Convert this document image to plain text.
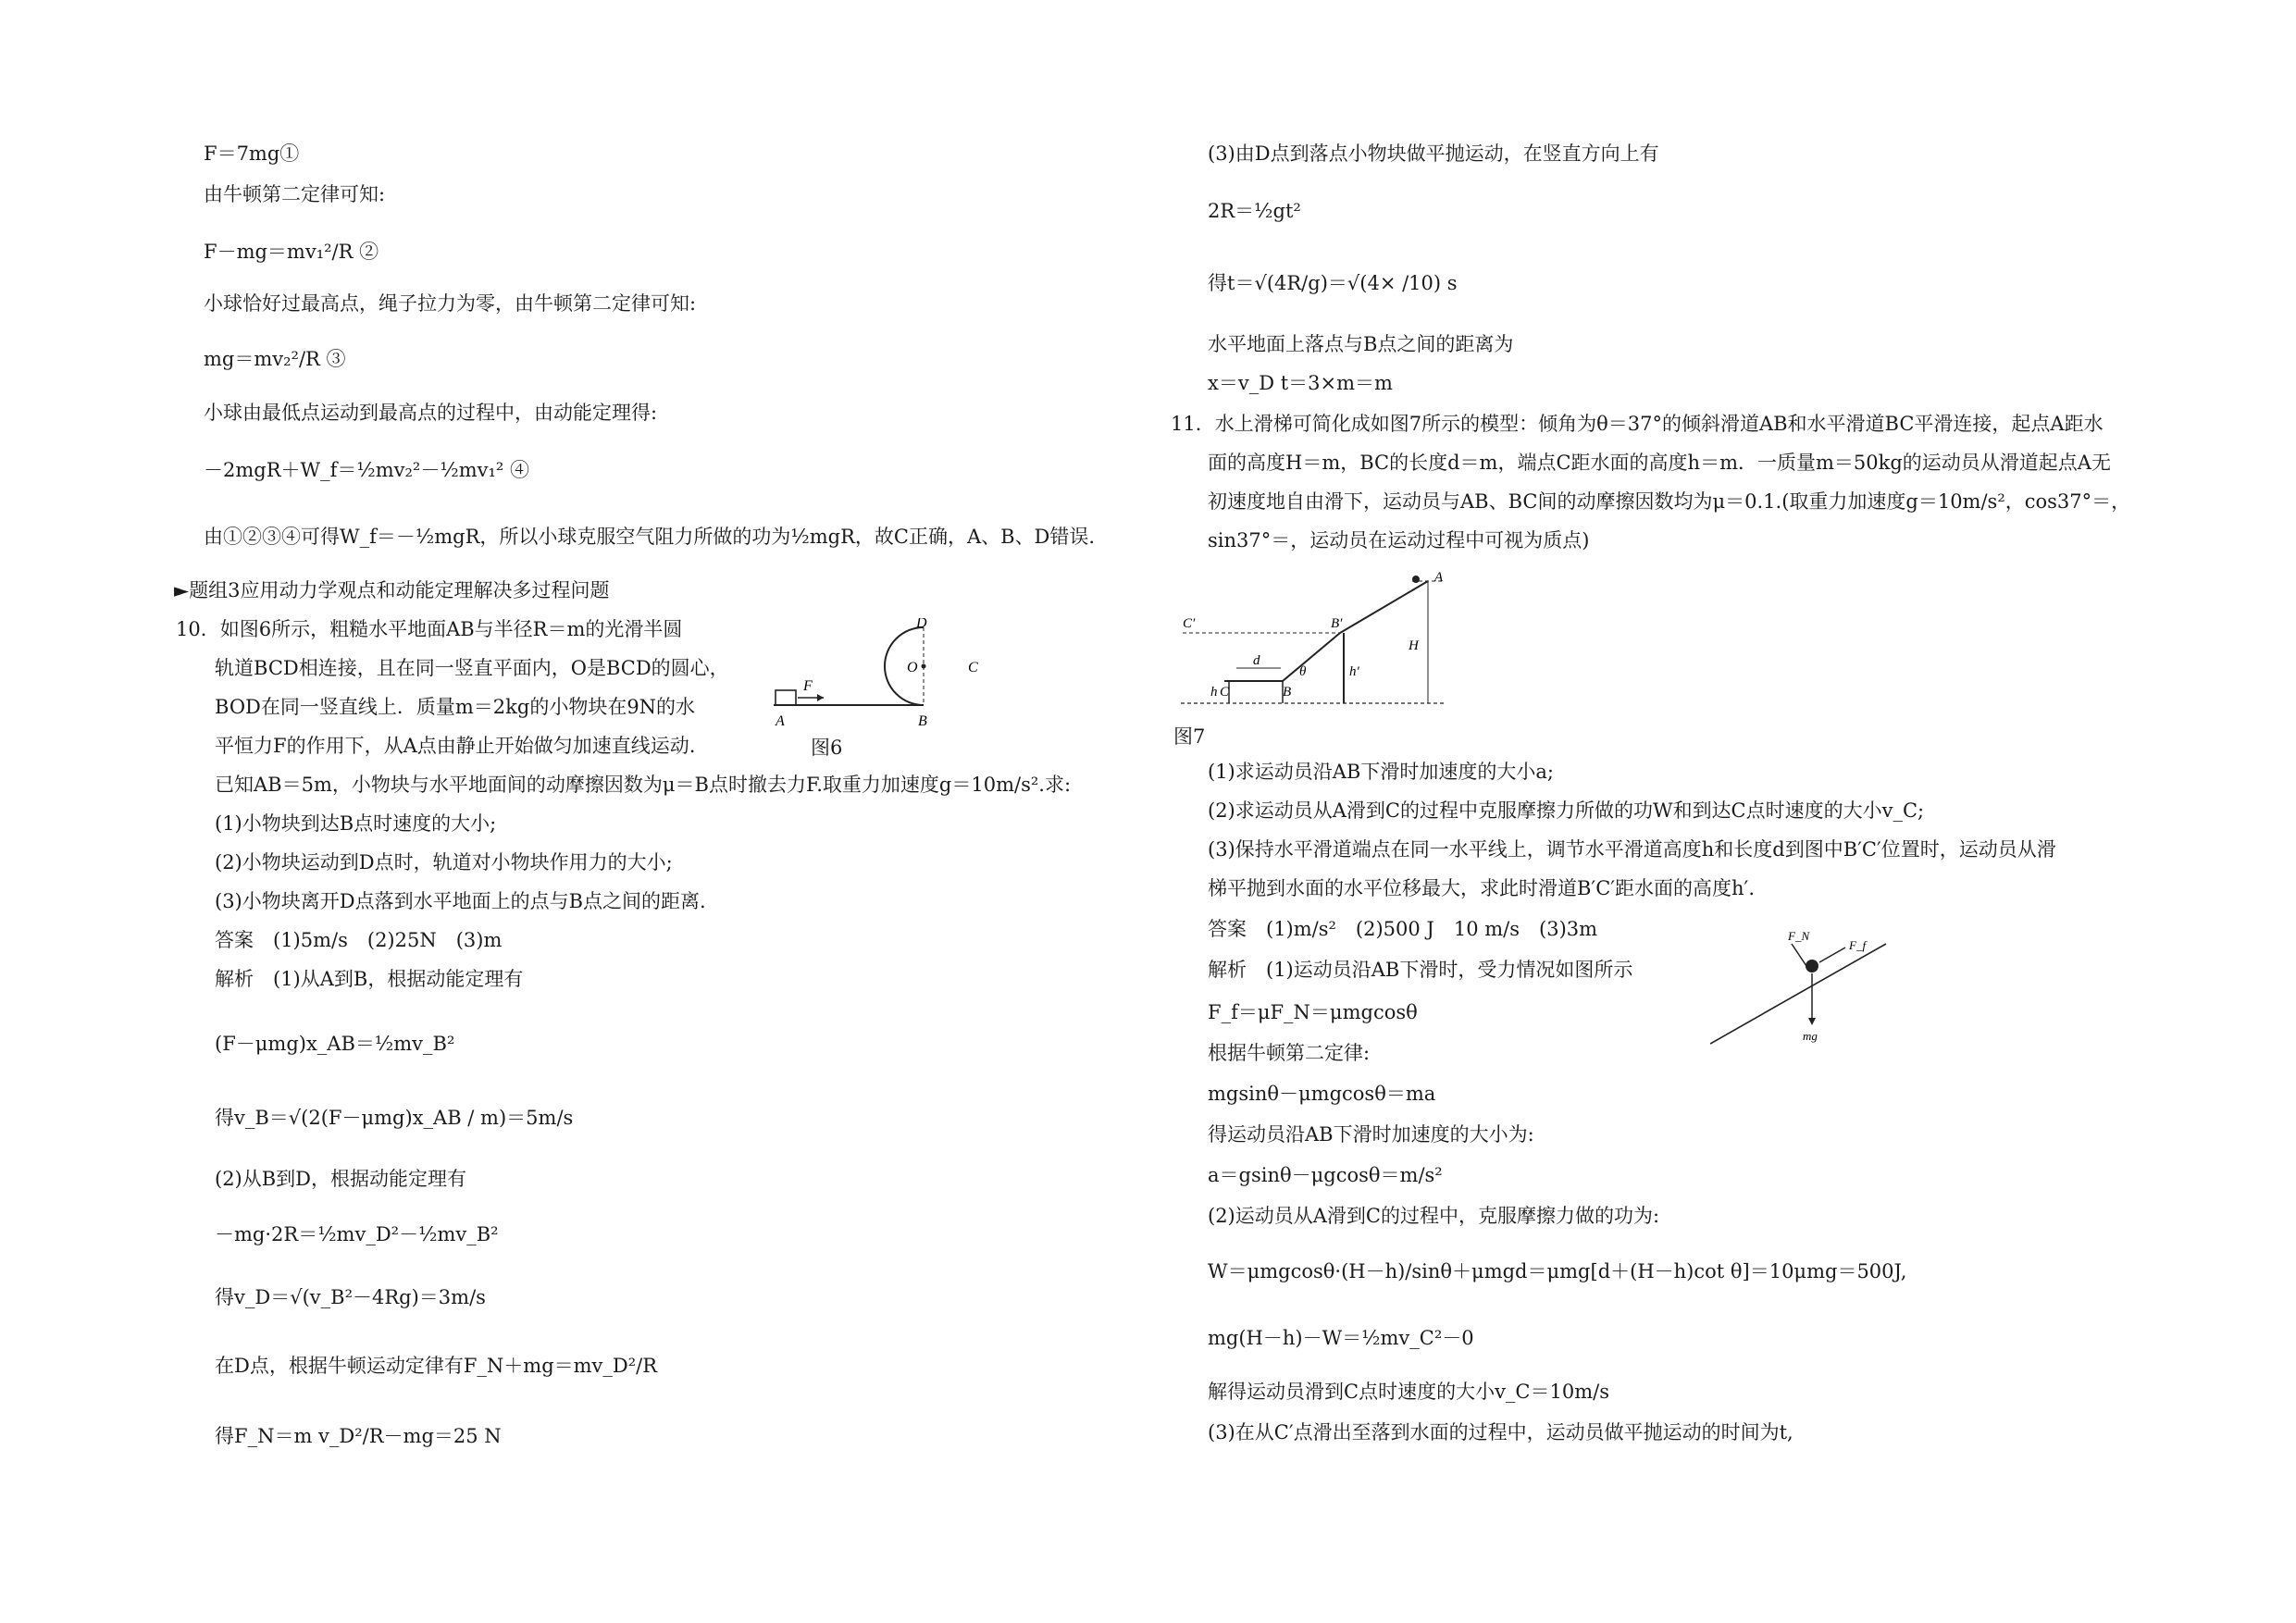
F＝7mg①
由牛顿第二定律可知:
F－mg＝mv₁²/R ②
小球恰好过最高点，绳子拉力为零，由牛顿第二定律可知:
mg＝mv₂²/R ③
小球由最低点运动到最高点的过程中，由动能定理得:
－2mgR＋W_f＝½mv₂²－½mv₁² ④
由①②③④可得W_f＝－½mgR，所以小球克服空气阻力所做的功为½mgR，故C正确，A、B、D错误.
►题组3应用动力学观点和动能定理解决多过程问题
10．如图6所示，粗糙水平地面AB与半径R＝m的光滑半圆
轨道BCD相连接，且在同一竖直平面内，O是BCD的圆心，
BOD在同一竖直线上．质量m＝2kg的小物块在9N的水
平恒力F的作用下，从A点由静止开始做匀加速直线运动.
已知AB＝5m，小物块与水平地面间的动摩擦因数为μ＝B点时撤去力F.取重力加速度g＝10m/s².求:
(1)小物块到达B点时速度的大小;
(2)小物块运动到D点时，轨道对小物块作用力的大小;
(3)小物块离开D点落到水平地面上的点与B点之间的距离.
答案　(1)5m/s　(2)25N　(3)m
解析　(1)从A到B，根据动能定理有
(F－μmg)x_AB＝½mv_B²
得v_B＝√(2(F－μmg)x_AB / m)＝5m/s
(2)从B到D，根据动能定理有
－mg·2R＝½mv_D²－½mv_B²
得v_D＝√(v_B²－4Rg)＝3m/s
在D点，根据牛顿运动定律有F_N＋mg＝mv_D²/R
得F_N＝m v_D²/R－mg＝25 N
A
F
B
C
D
O
图6
(3)由D点到落点小物块做平抛运动，在竖直方向上有
2R＝½gt²
得t＝√(4R/g)＝√(4× /10) s
水平地面上落点与B点之间的距离为
x＝v_D t＝3×m＝m
11．水上滑梯可简化成如图7所示的模型：倾角为θ＝37°的倾斜滑道AB和水平滑道BC平滑连接，起点A距水
面的高度H＝m，BC的长度d＝m，端点C距水面的高度h＝m．一质量m＝50kg的运动员从滑道起点A无
初速度地自由滑下，运动员与AB、BC间的动摩擦因数均为μ＝0.1.(取重力加速度g＝10m/s²，cos37°＝，
sin37°＝，运动员在运动过程中可视为质点)
(1)求运动员沿AB下滑时加速度的大小a;
(2)求运动员从A滑到C的过程中克服摩擦力所做的功W和到达C点时速度的大小v_C;
(3)保持水平滑道端点在同一水平线上，调节水平滑道高度h和长度d到图中B′C′位置时，运动员从滑
梯平抛到水面的水平位移最大，求此时滑道B′C′距水面的高度h′.
答案　(1)m/s²　(2)500 J　10 m/s　(3)3m
解析　(1)运动员沿AB下滑时，受力情况如图所示
F_f＝μF_N＝μmgcosθ
根据牛顿第二定律:
mgsinθ－μmgcosθ＝ma
得运动员沿AB下滑时加速度的大小为:
a＝gsinθ－μgcosθ＝m/s²
(2)运动员从A滑到C的过程中，克服摩擦力做的功为:
W＝μmgcosθ·(H－h)/sinθ＋μmgd＝μmg[d＋(H－h)cot θ]＝10μmg＝500J,
mg(H－h)－W＝½mv_C²－0
解得运动员滑到C点时速度的大小v_C＝10m/s
(3)在从C′点滑出至落到水面的过程中，运动员做平抛运动的时间为t,
C′
A
B′
B
C
h
d
H
h′
θ
图7
F_N
F_f
mg
